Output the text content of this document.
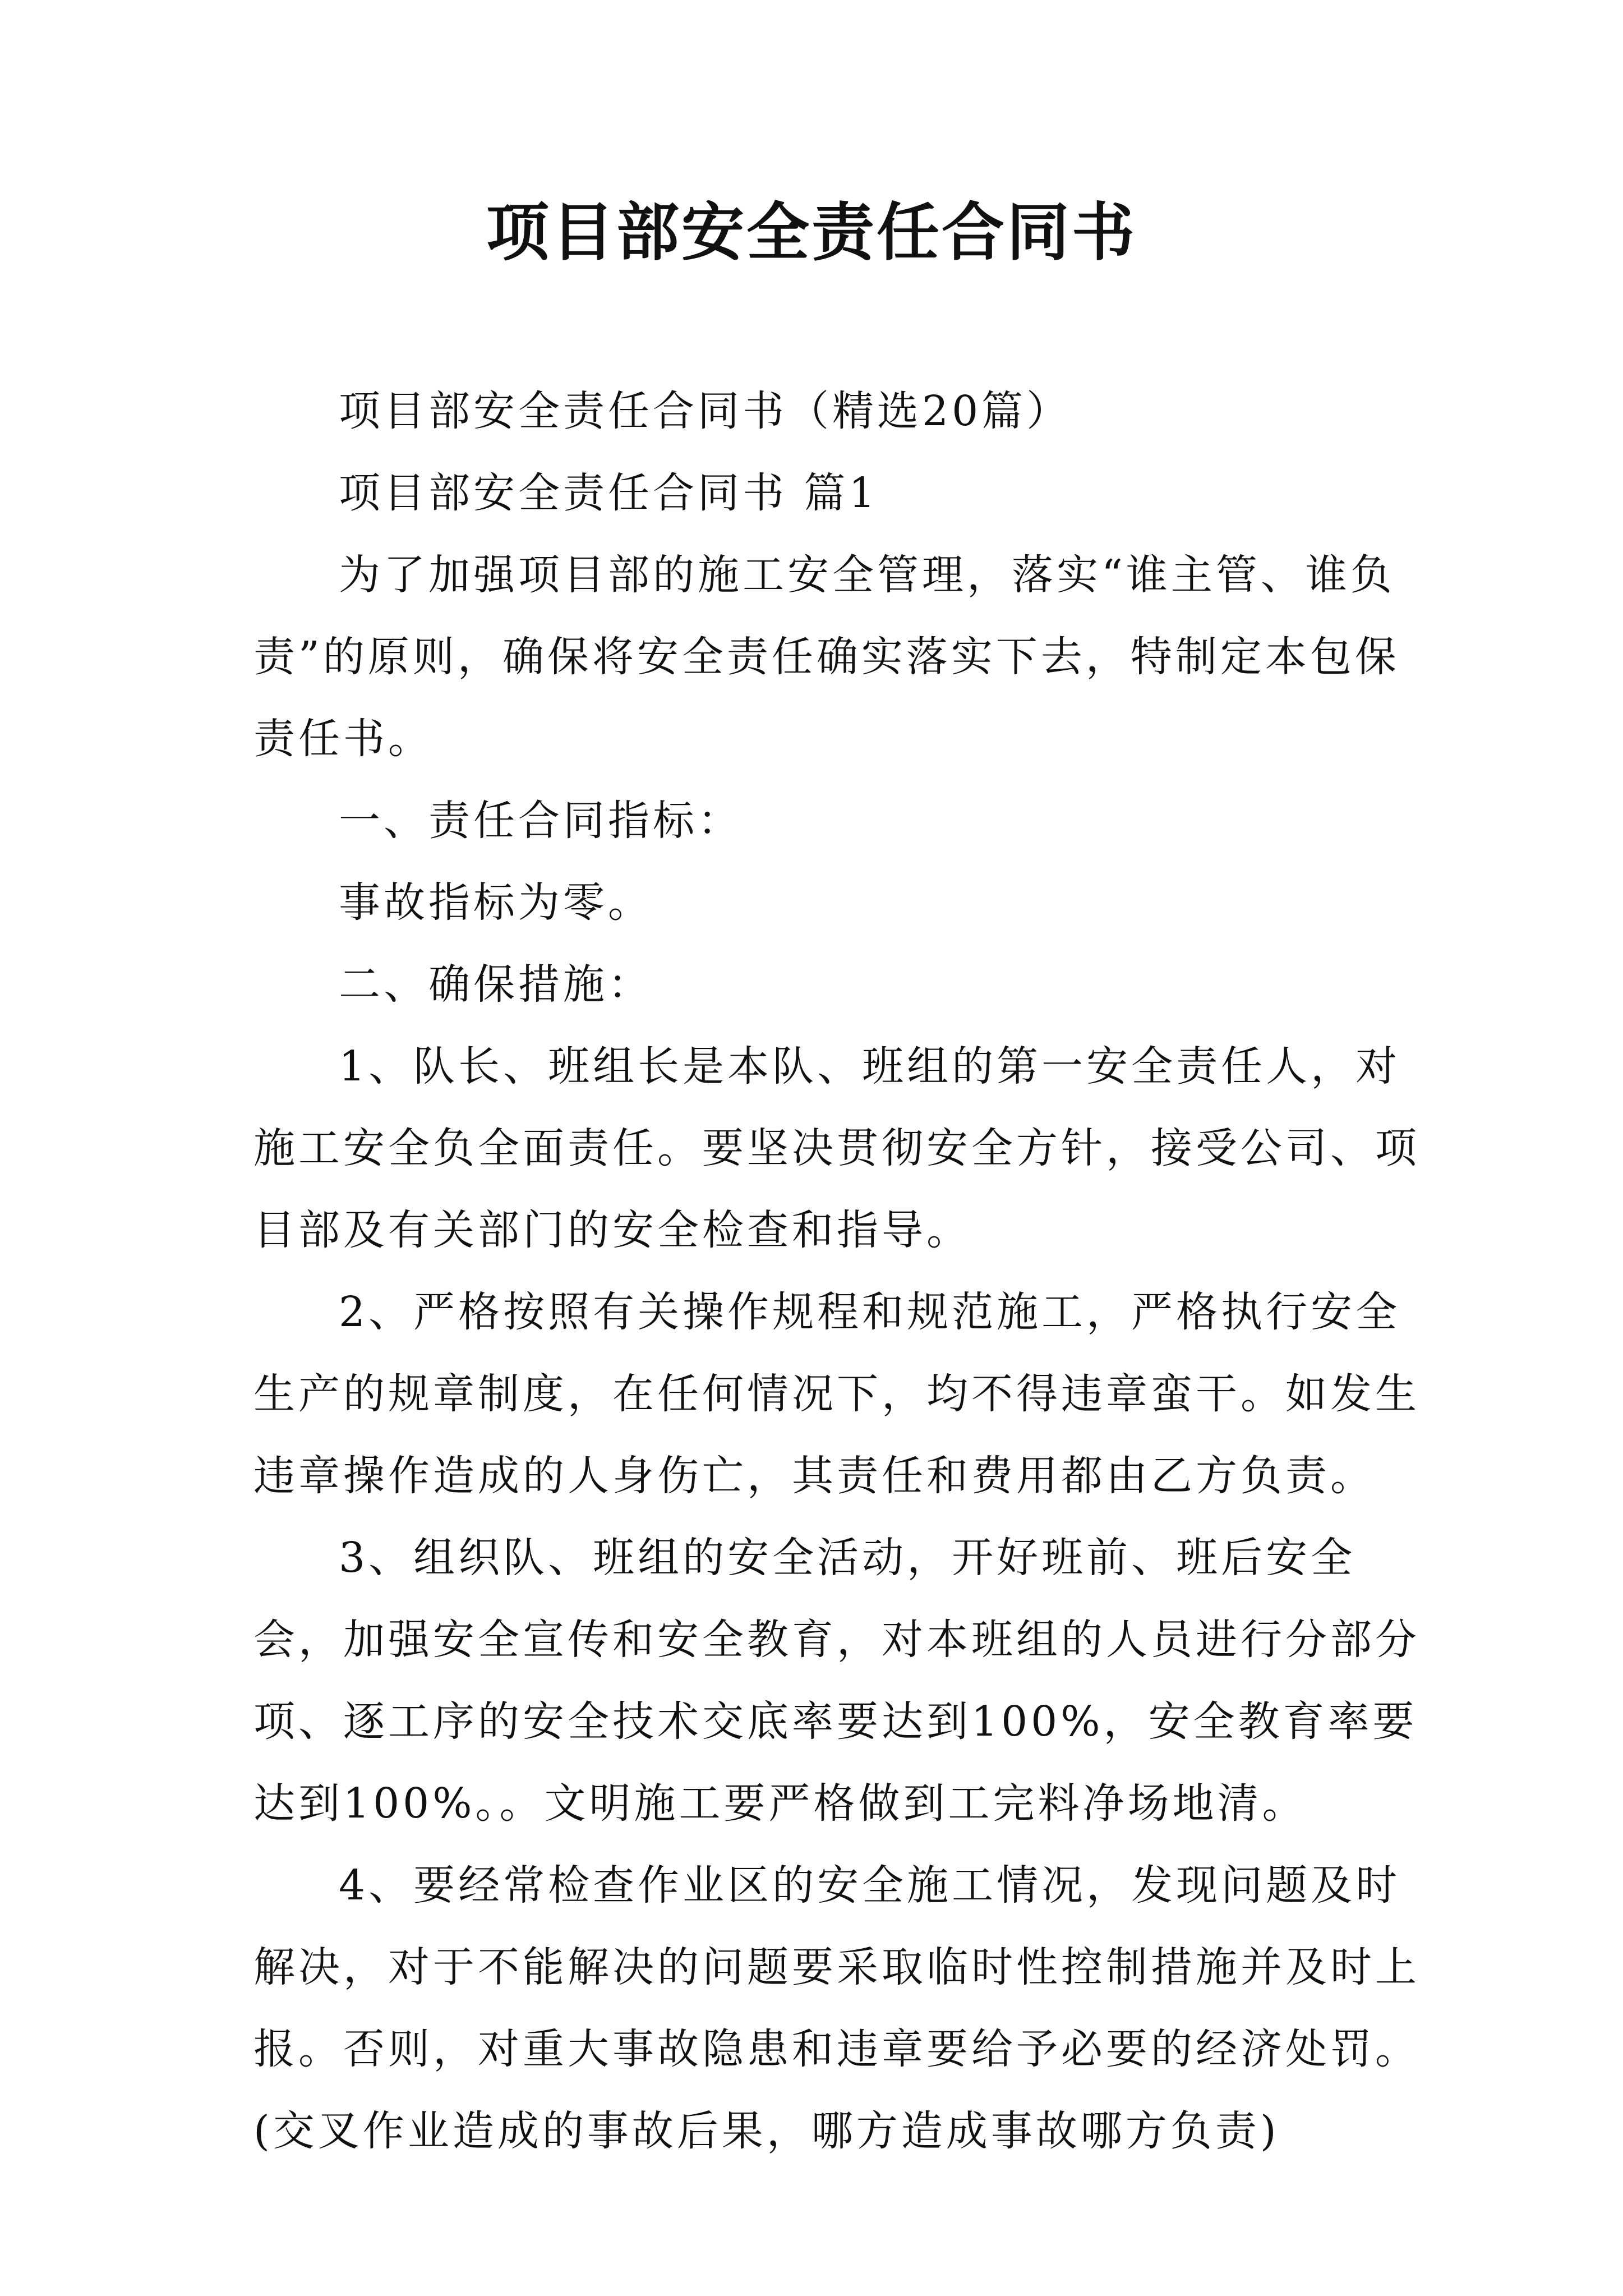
项目部安全责任合同书

项目部安全责任合同书（精选20篇）

项目部安全责任合同书 篇1

为了加强项目部的施工安全管理，落实“谁主管、谁负责”的原则，确保将安全责任确实落实下去，特制定本包保责任书。

一、责任合同指标：

事故指标为零。

二、确保措施：

1、队长、班组长是本队、班组的第一安全责任人，对施工安全负全面责任。要坚决贯彻安全方针，接受公司、项目部及有关部门的安全检查和指导。

2、严格按照有关操作规程和规范施工，严格执行安全生产的规章制度，在任何情况下，均不得违章蛮干。如发生违章操作造成的人身伤亡，其责任和费用都由乙方负责。

3、组织队、班组的安全活动，开好班前、班后安全会，加强安全宣传和安全教育，对本班组的人员进行分部分项、逐工序的安全技术交底率要达到100%，安全教育率要达到100%。。文明施工要严格做到工完料净场地清。

4、要经常检查作业区的安全施工情况，发现问题及时解决，对于不能解决的问题要采取临时性控制措施并及时上报。否则，对重大事故隐患和违章要给予必要的经济处罚。(交叉作业造成的事故后果，哪方造成事故哪方负责)
